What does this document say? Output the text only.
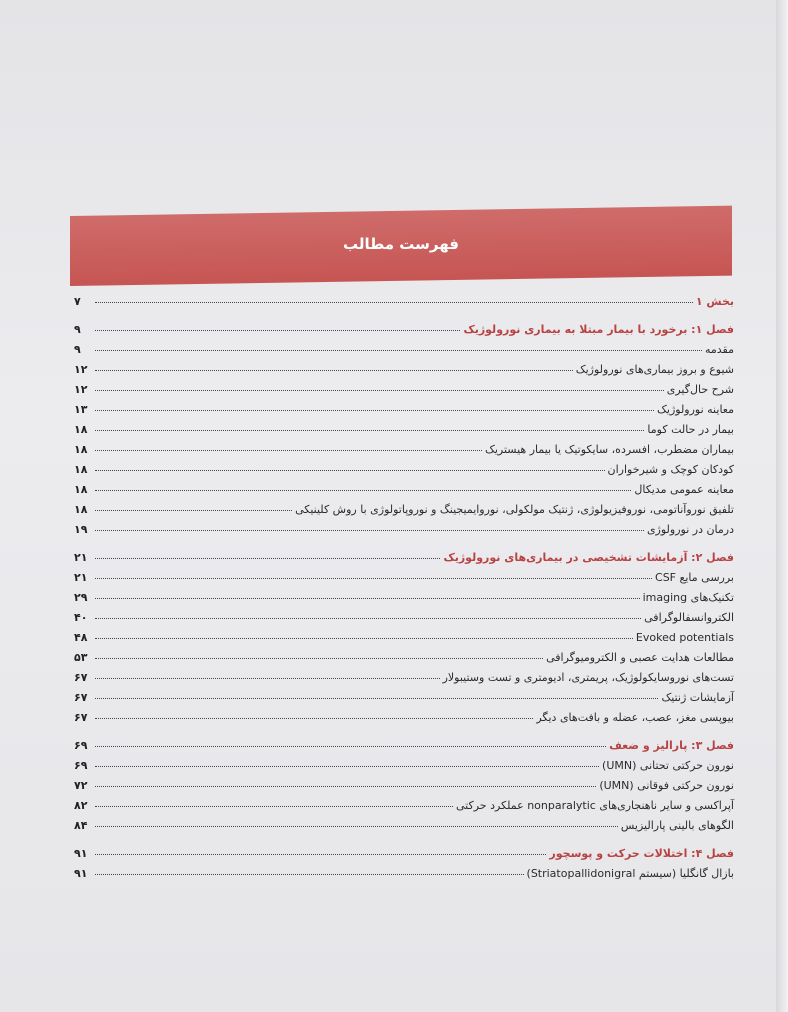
فهرست مطالب
بخش ۱
۷
فصل ۱: برخورد با بیمار مبتلا به بیماری نورولوژیک
۹
مقدمه
۹
شیوع و بروز بیماری‌های نورولوژیک
۱۲
شرح حال‌گیری
۱۲
معاینه نورولوژیک
۱۳
بیمار در حالت کوما
۱۸
بیماران مضطرب، افسرده، سایکوتیک یا بیمار هیستریک
۱۸
کودکان کوچک و شیرخواران
۱۸
معاینه عمومی مدیکال
۱۸
تلفیق نوروآناتومی، نوروفیزیولوژی، ژنتیک مولکولی، نوروایمیجینگ و نوروپاتولوژی با روش کلینیکی
۱۸
درمان در نورولوژی
۱۹
فصل ۲: آزمایشات تشخیصی در بیماری‌های نورولوژیک
۲۱
بررسی مایع CSF
۲۱
تکنیک‌های imaging
۲۹
الکتروانسفالوگرافی
۴۰
Evoked potentials
۴۸
مطالعات هدایت عصبی و الکترومیوگرافی
۵۳
تست‌های نوروسایکولوژیک، پریمتری، ادیومتری و تست وستیبولار
۶۷
آزمایشات ژنتیک
۶۷
بیوپسی مغز، عصب، عضله و بافت‌های دیگر
۶۷
فصل ۳: پارالیز و ضعف
۶۹
نورون حرکتی تحتانی (UMN)
۶۹
نورون حرکتی فوقانی (UMN)
۷۲
آپراکسی و سایر ناهنجاری‌های nonparalytic عملکرد حرکتی
۸۲
الگوهای بالینی پارالیزیس
۸۴
فصل ۴: اختلالات حرکت و پوسچور
۹۱
بازال گانگلیا (سیستم Striatopallidonigral)
۹۱
